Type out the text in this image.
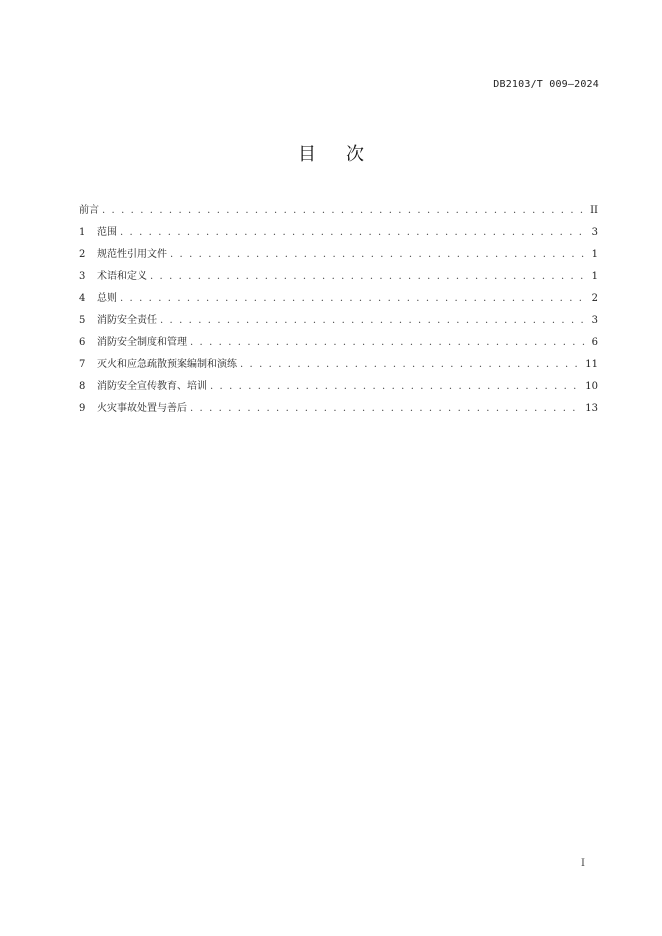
DB2103/T 009—2024
目次
前言 . . .	II
1	范围 . . .	3
2	规范性引用文件 . . .	1
3	术语和定义 . . .	1
4	总则 . . .	2
5	消防安全责任 . . .	3
6	消防安全制度和管理 . . .	6
7	灭火和应急疏散预案编制和演练 . . .	11
8	消防安全宣传教育、培训 . . .	10
9	火灾事故处置与善后 . . .	13
I
